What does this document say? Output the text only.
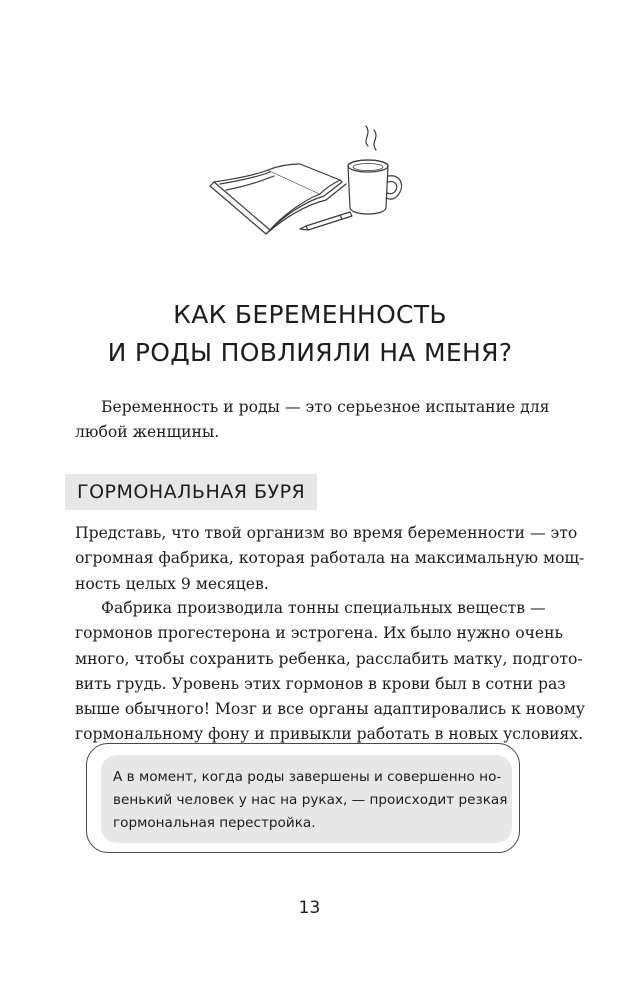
КАК БЕРЕМЕННОСТЬ
И РОДЫ ПОВЛИЯЛИ НА МЕНЯ?

Беременность и роды — это серьезное испытание для
любой женщины.

ГОРМОНАЛЬНАЯ БУРЯ

Представь, что твой организм во время беременности — это
огромная фабрика, которая работала на максимальную мощ-
ность целых 9 месяцев.

Фабрика производила тонны специальных веществ —
гормонов прогестерона и эстрогена. Их было нужно очень
много, чтобы сохранить ребенка, расслабить матку, подгото-
вить грудь. Уровень этих гормонов в крови был в сотни раз
выше обычного! Мозг и все органы адаптировались к новому
гормональному фону и привыкли работать в новых условиях.

А в момент, когда роды завершены и совершенно но-
венький человек у нас на руках, — происходит резкая
гормональная перестройка.
13
